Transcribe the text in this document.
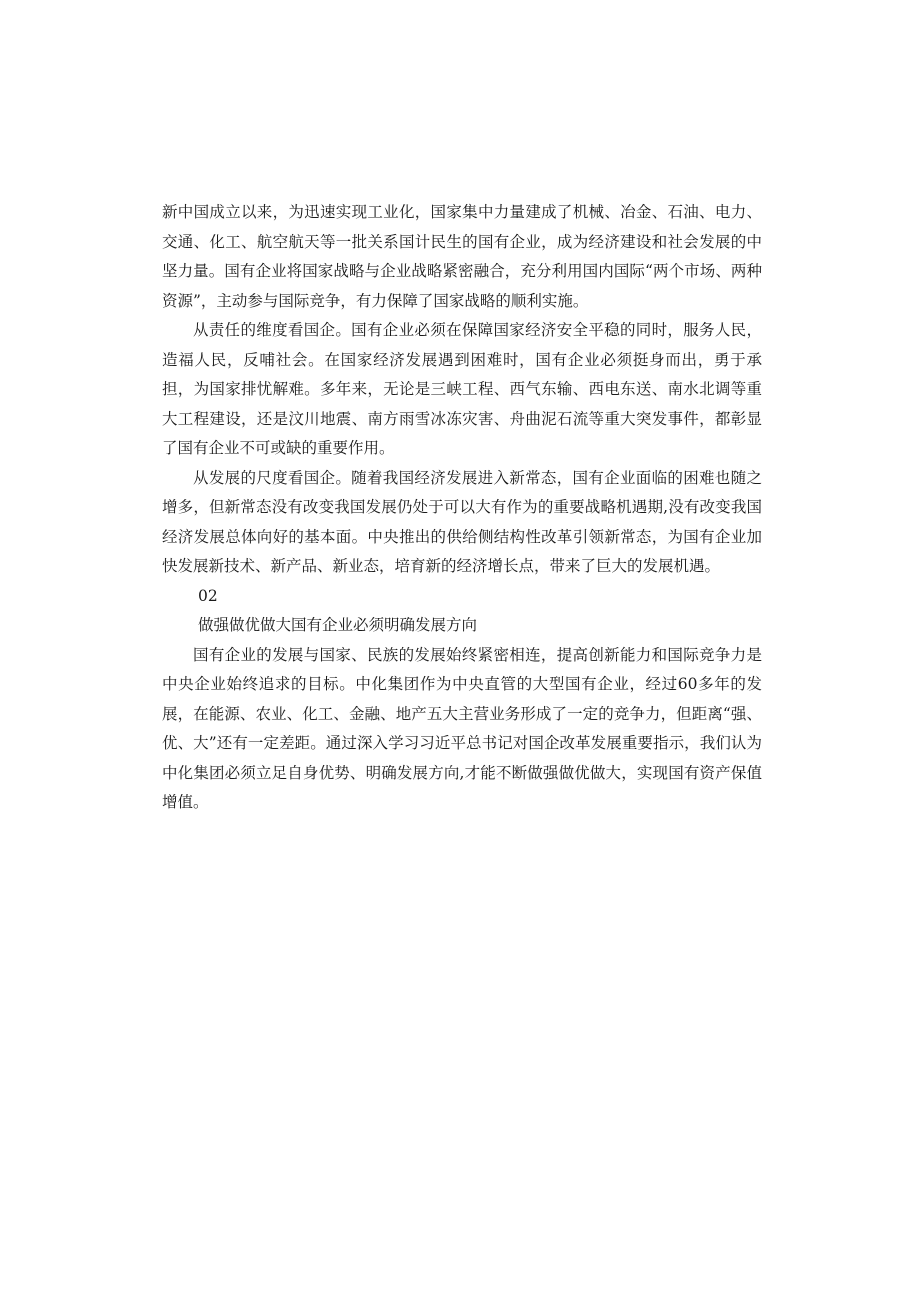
新中国成立以来，为迅速实现工业化，国家集中力量建成了机械、冶金、石油、电力、交通、化工、航空航天等一批关系国计民生的国有企业，成为经济建设和社会发展的中坚力量。国有企业将国家战略与企业战略紧密融合，充分利用国内国际“两个市场、两种资源”，主动参与国际竞争，有力保障了国家战略的顺利实施。

从责任的维度看国企。国有企业必须在保障国家经济安全平稳的同时，服务人民，造福人民，反哺社会。在国家经济发展遇到困难时，国有企业必须挺身而出，勇于承担，为国家排忧解难。多年来，无论是三峡工程、西气东输、西电东送、南水北调等重大工程建设，还是汶川地震、南方雨雪冰冻灾害、舟曲泥石流等重大突发事件，都彰显了国有企业不可或缺的重要作用。

从发展的尺度看国企。随着我国经济发展进入新常态，国有企业面临的困难也随之增多，但新常态没有改变我国发展仍处于可以大有作为的重要战略机遇期,没有改变我国经济发展总体向好的基本面。中央推出的供给侧结构性改革引领新常态，为国有企业加快发展新技术、新产品、新业态，培育新的经济增长点，带来了巨大的发展机遇。

02

做强做优做大国有企业必须明确发展方向

国有企业的发展与国家、民族的发展始终紧密相连，提高创新能力和国际竞争力是中央企业始终追求的目标。中化集团作为中央直管的大型国有企业，经过60多年的发展，在能源、农业、化工、金融、地产五大主营业务形成了一定的竞争力，但距离“强、优、大”还有一定差距。通过深入学习习近平总书记对国企改革发展重要指示，我们认为中化集团必须立足自身优势、明确发展方向,才能不断做强做优做大，实现国有资产保值增值。
